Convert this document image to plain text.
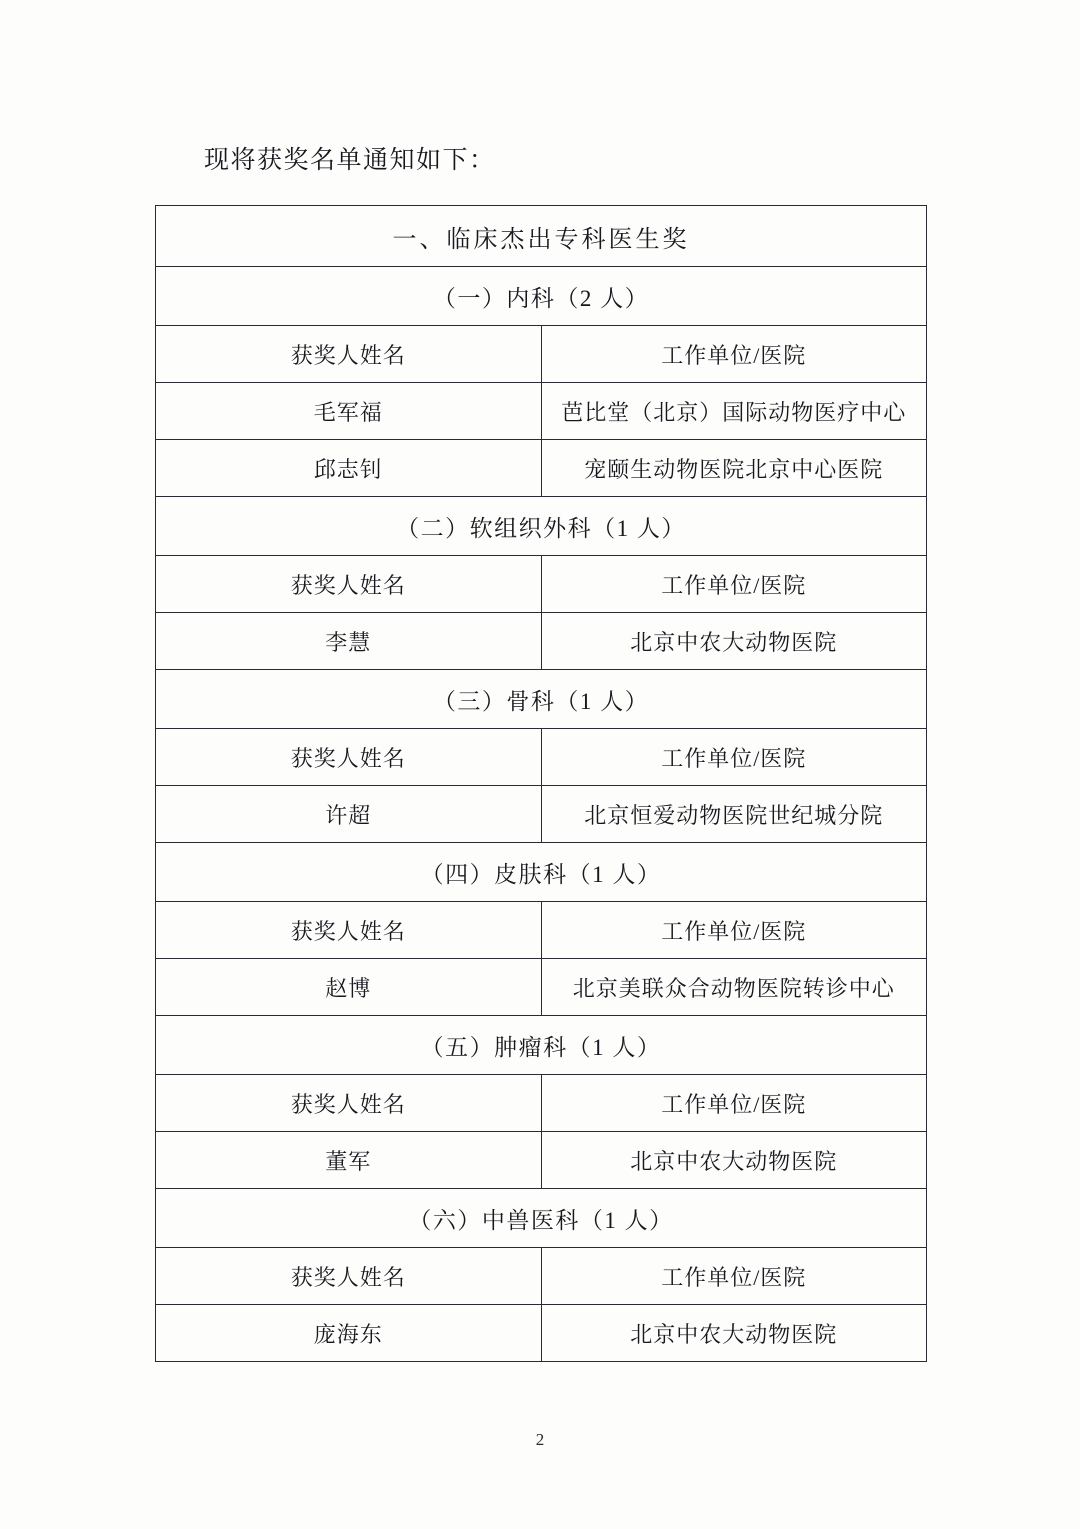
现将获奖名单通知如下：
一、临床杰出专科医生奖	
（一）内科（2 人）	
获奖人姓名	工作单位/医院
毛军福	芭比堂（北京）国际动物医疗中心
邱志钊	宠颐生动物医院北京中心医院
（二）软组织外科（1 人）	
获奖人姓名	工作单位/医院
李慧	北京中农大动物医院
（三）骨科（1 人）	
获奖人姓名	工作单位/医院
许超	北京恒爱动物医院世纪城分院
（四）皮肤科（1 人）	
获奖人姓名	工作单位/医院
赵博	北京美联众合动物医院转诊中心
（五）肿瘤科（1 人）	
获奖人姓名	工作单位/医院
董军	北京中农大动物医院
（六）中兽医科（1 人）	
获奖人姓名	工作单位/医院
庞海东	北京中农大动物医院
2
